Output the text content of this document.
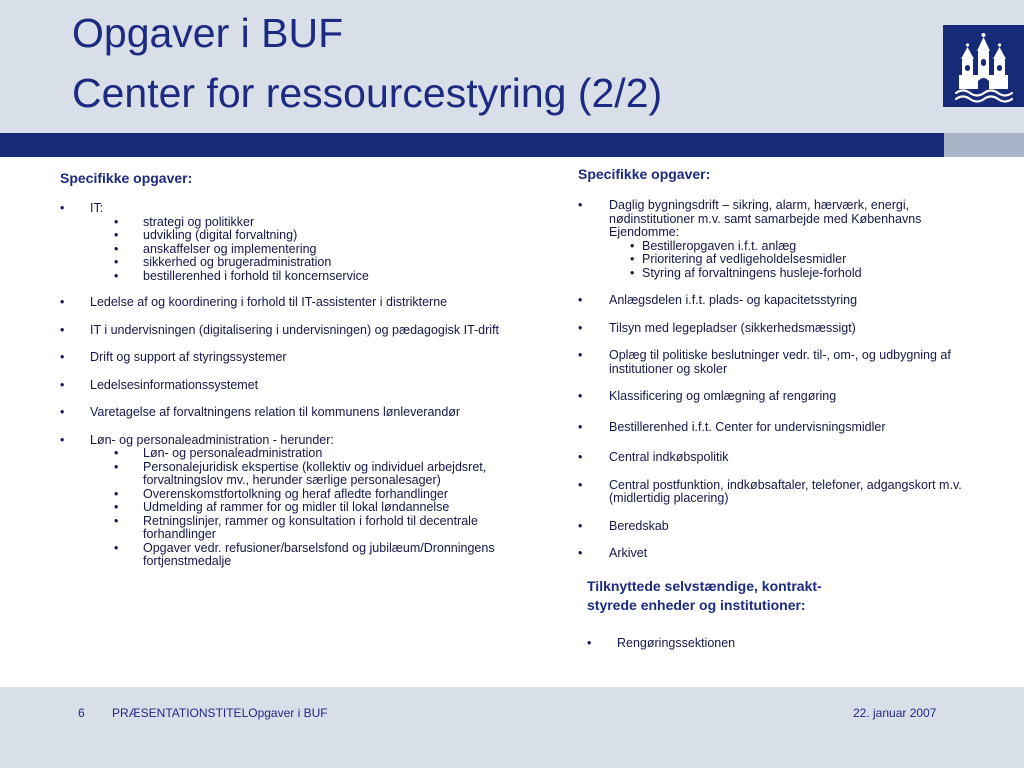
Opgaver i BUF
Center for ressourcestyring (2/2)
Specifikke opgaver:
• IT:
• strategi og politikker
• udvikling (digital forvaltning)
• anskaffelser og implementering
• sikkerhed og brugeradministration
• bestillerenhed i forhold til koncernservice
• Ledelse af og koordinering i forhold til IT-assistenter i distrikterne
• IT i undervisningen (digitalisering i undervisningen) og pædagogisk IT-drift
• Drift og support af styringssystemer
• Ledelsesinformationssystemet
• Varetagelse af forvaltningens relation til kommunens lønleverandør
• Løn- og personaleadministration - herunder:
• Løn- og personaleadministration
• Personalejuridisk ekspertise (kollektiv og individuel arbejdsret, forvaltningslov mv., herunder særlige personalesager)
• Overenskomstfortolkning og heraf afledte forhandlinger
• Udmelding af rammer for og midler til lokal løndannelse
• Retningslinjer, rammer og konsultation i forhold til decentrale forhandlinger
• Opgaver vedr. refusioner/barselsfond og jubilæum/Dronningens fortjenstmedalje
Specifikke opgaver:
• Daglig bygningsdrift – sikring, alarm, hærværk, energi, nødinstitutioner m.v. samt samarbejde med Københavns Ejendomme:
• Bestilleropgaven i.f.t. anlæg
• Prioritering af vedligeholdelsesmidler
• Styring af forvaltningens husleje-forhold
• Anlægsdelen i.f.t. plads- og kapacitetsstyring
• Tilsyn med legepladser (sikkerhedsmæssigt)
• Oplæg til politiske beslutninger vedr. til-, om-, og udbygning af institutioner og skoler
• Klassificering og omlægning af rengøring
• Bestillerenhed i.f.t. Center for undervisningsmidler
• Central indkøbspolitik
• Central postfunktion, indkøbsaftaler, telefoner, adgangskort m.v. (midlertidig placering)
• Beredskab
• Arkivet
Tilknyttede selvstændige, kontrakt-
styrede enheder og institutioner:
• Rengøringssektionen
6 PRÆSENTATIONSTITELOpgaver i BUF	22. januar 2007
